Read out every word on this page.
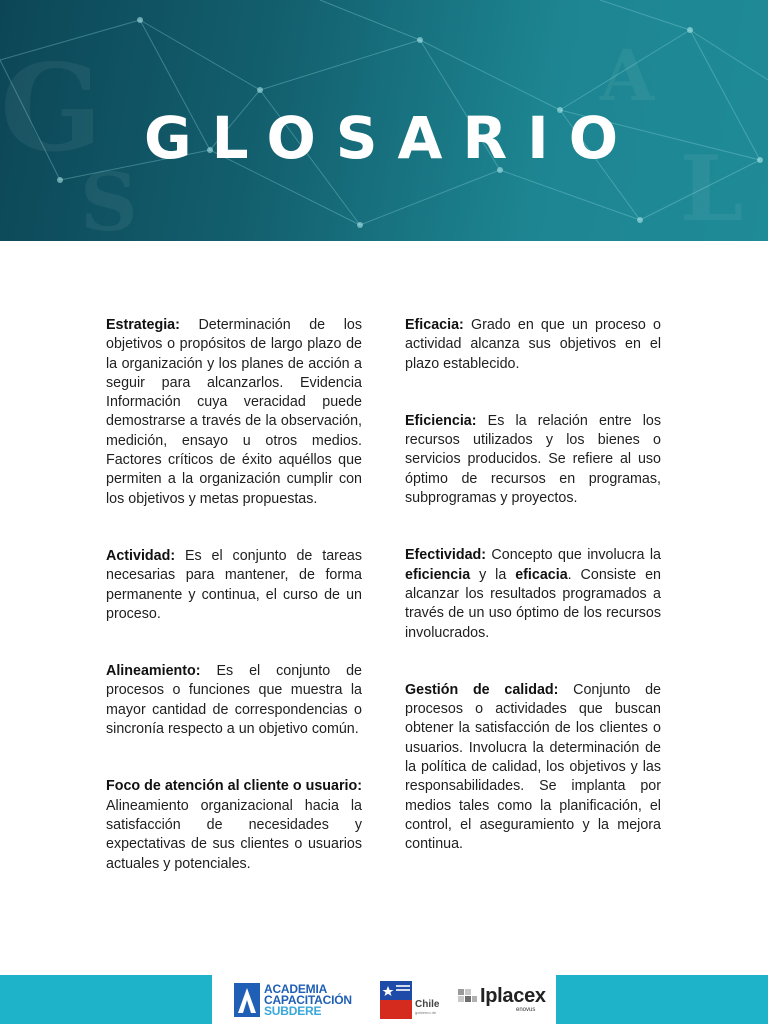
G
S
A
L
GLOSARIO

Estrategia: Determinación de los objetivos o propósitos de largo plazo de la organización y los planes de acción a seguir para alcanzarlos. Evidencia Información cuya veracidad puede demostrarse a través de la observación, medición, ensayo u otros medios. Factores críticos de éxito aquéllos que permiten a la organización cumplir con los objetivos y metas propuestas.

Actividad: Es el conjunto de tareas necesarias para mantener, de forma permanente y continua, el curso de un proceso.

Alineamiento: Es el conjunto de procesos o funciones que muestra la mayor cantidad de correspondencias o sincronía respecto a un objetivo común.

Foco de atención al cliente o usuario: Alineamiento organizacional hacia la satisfacción de necesidades y expectativas de sus clientes o usuarios actuales y potenciales.

Eficacia: Grado en que un proceso o actividad alcanza sus objetivos en el plazo establecido.

Eficiencia: Es la relación entre los recursos utilizados y los bienes o servicios producidos. Se refiere al uso óptimo de recursos en programas, subprogramas y proyectos.

Efectividad: Concepto que involucra la eficiencia y la eficacia. Consiste en alcanzar los resultados programados a través de un uso óptimo de los recursos involucrados.

Gestión de calidad: Conjunto de procesos o actividades que buscan obtener la satisfacción de los clientes o usuarios. Involucra la determinación de la política de calidad, los objetivos y las responsabilidades. Se implanta por medios tales como la planificación, el control, el aseguramiento y la mejora continua.

ACADEMIA
CAPACITACIÓN
SUBDERE	Chile
gobierno de
Iplacex
enovus
